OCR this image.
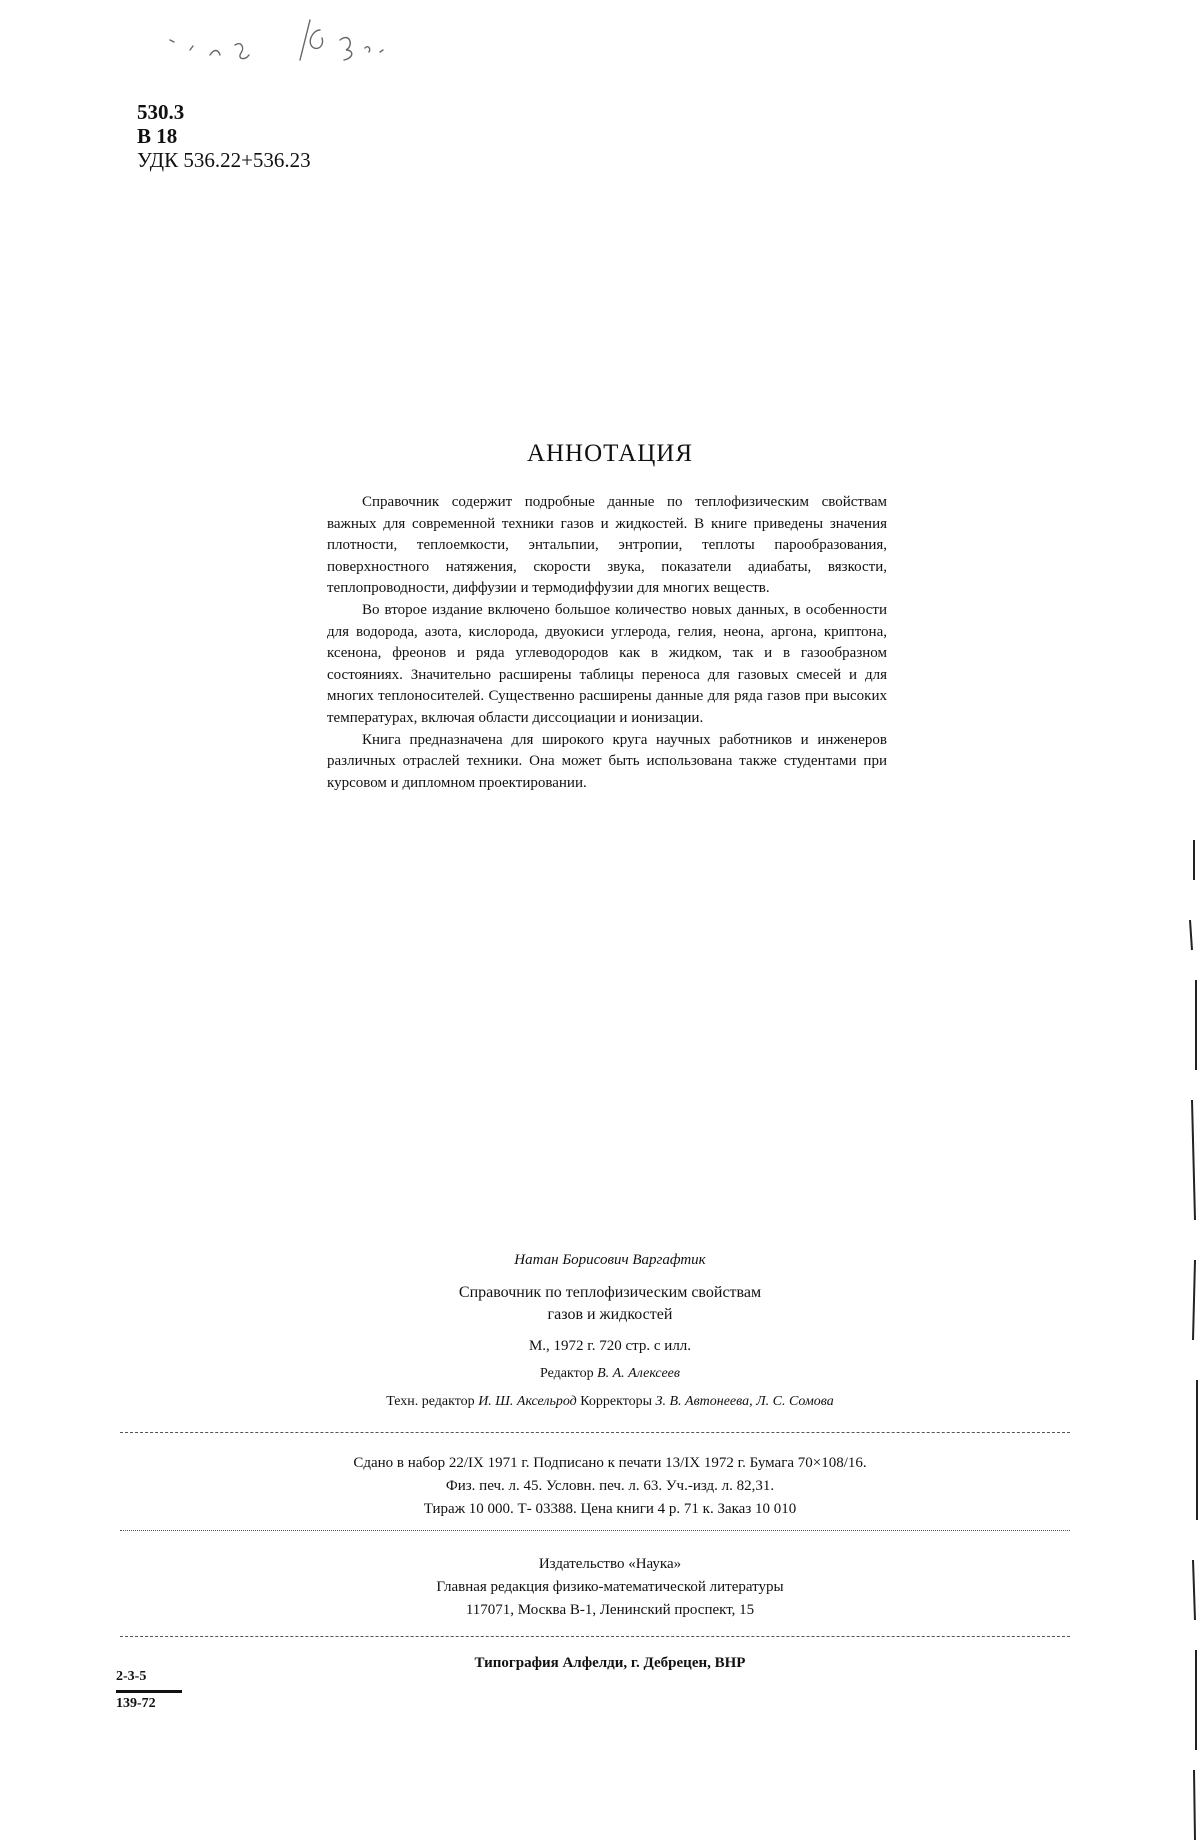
530.3
В 18
УДК 536.22+536.23
АННОТАЦИЯ

Справочник содержит подробные данные по теплофизическим свойствам важных для современной техники газов и жидкостей. В книге приведены значения плотности, теплоемкости, энтальпии, энтропии, теплоты парообразования, поверхностного натяжения, скорости звука, показатели адиабаты, вязкости, теплопроводности, диффузии и термодиффузии для многих веществ.

Во второе издание включено большое количество новых данных, в особенности для водорода, азота, кислорода, двуокиси углерода, гелия, неона, аргона, криптона, ксенона, фреонов и ряда углеводородов как в жидком, так и в газообразном состояниях. Значительно расширены таблицы переноса для газовых смесей и для многих теплоносителей. Существенно расширены данные для ряда газов при высоких температурах, включая области диссоциации и ионизации.

Книга предназначена для широкого круга научных работников и инженеров различных отраслей техники. Она может быть использована также студентами при курсовом и дипломном проектировании.

Натан Борисович Варгафтик
Справочник по теплофизическим свойствам
газов и жидкостей
М., 1972 г. 720 стр. с илл.
Редактор В. А. Алексеев
Техн. редактор И. Ш. Аксельрод Корректоры З. В. Автонеева, Л. С. Сомова
Сдано в набор 22/IX 1971 г. Подписано к печати 13/IX 1972 г. Бумага 70×108/16.
Физ. печ. л. 45. Условн. печ. л. 63. Уч.-изд. л. 82,31.
Тираж 10 000. Т- 03388. Цена книги 4 р. 71 к. Заказ 10 010
Издательство «Наука»
Главная редакция физико-математической литературы
117071, Москва В-1, Ленинский проспект, 15
Типография Алфелди, г. Дебрецен, ВНР
2-3-5
139-72
